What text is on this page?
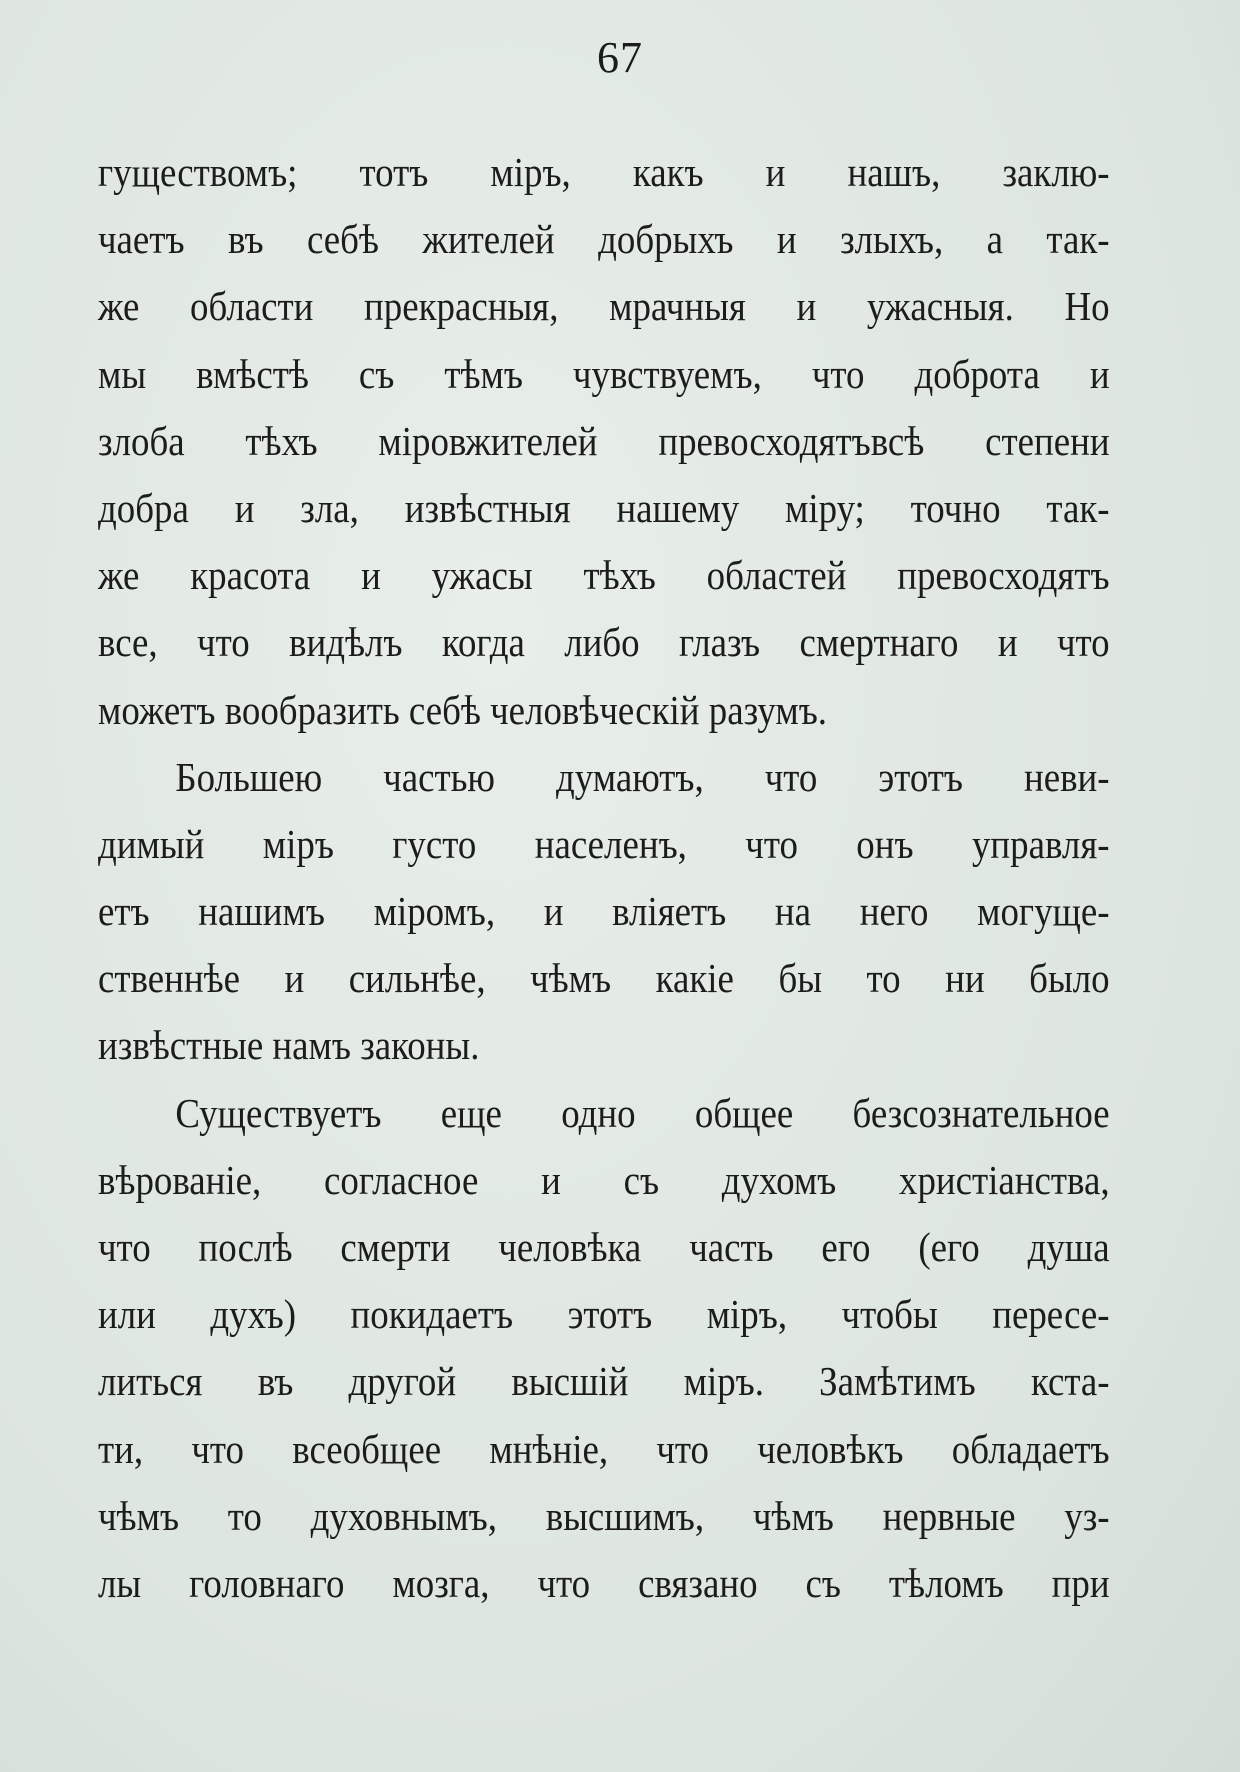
67
гуществомъ; тотъ міръ, какъ и нашъ, заклю-
чаетъ въ себѣ жителей добрыхъ и злыхъ, а так-
же области прекрасныя, мрачныя и ужасныя. Но
мы вмѣстѣ съ тѣмъ чувствуемъ, что доброта и
злоба тѣхъ міровжителей превосходятъвсѣ степени
добра и зла, извѣстныя нашему міру; точно так-
же красота и ужасы тѣхъ областей превосходятъ
все, что видѣлъ когда либо глазъ смертнаго и что
можетъ вообразить себѣ человѣческій разумъ.
Большею частью думаютъ, что этотъ неви-
димый міръ густо населенъ, что онъ управля-
етъ нашимъ міромъ, и вліяетъ на него могуще-
ственнѣе и сильнѣе, чѣмъ какіе бы то ни было
извѣстные намъ законы.
Существуетъ еще одно общее безсознательное
вѣрованіе, согласное и съ духомъ христіанства,
что послѣ смерти человѣка часть его (его душа
или духъ) покидаетъ этотъ міръ, чтобы пересе-
литься въ другой высшій міръ. Замѣтимъ кста-
ти, что всеобщее мнѣніе, что человѣкъ обладаетъ
чѣмъ то духовнымъ, высшимъ, чѣмъ нервные уз-
лы головнаго мозга, что связано съ тѣломъ при
